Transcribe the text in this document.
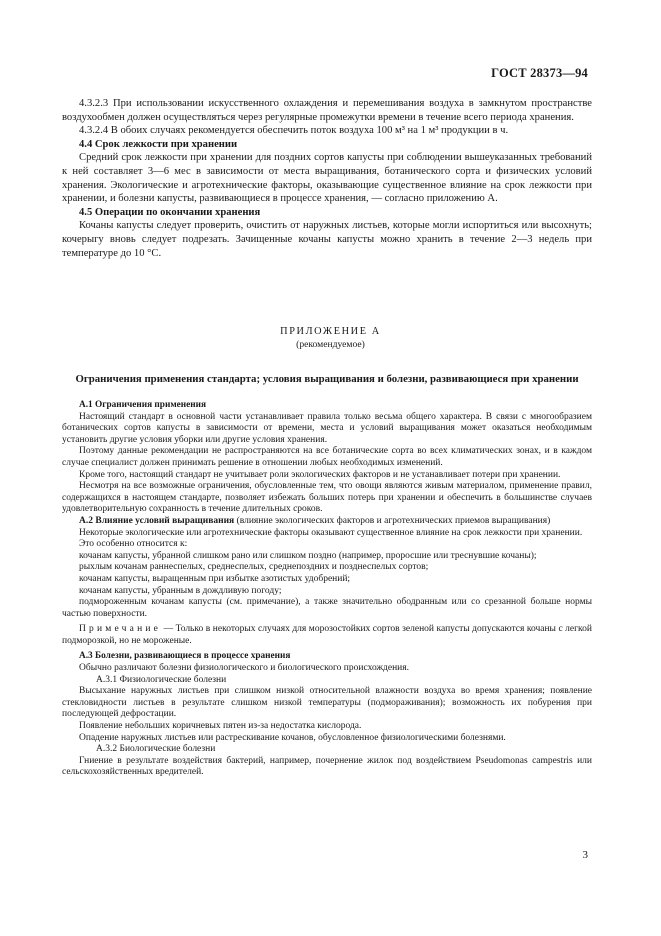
ГОСТ 28373—94

4.3.2.3 При использовании искусственного охлаждения и перемешивания воздуха в замкнутом пространстве воздухообмен должен осуществляться через регулярные промежутки времени в течение всего периода хранения.

4.3.2.4 В обоих случаях рекомендуется обеспечить поток воздуха 100 м³ на 1 м³ продукции в ч.

4.4 Срок лежкости при хранении

Средний срок лежкости при хранении для поздних сортов капусты при соблюдении вышеуказанных требований к ней составляет 3—6 мес в зависимости от места выращивания, ботанического сорта и физических условий хранения. Экологические и агротехнические факторы, оказывающие существенное влияние на срок лежкости при хранении, и болезни капусты, развивающиеся в процессе хранения, — согласно приложению А.

4.5 Операции по окончании хранения

Кочаны капусты следует проверить, очистить от наружных листьев, которые могли испортиться или высохнуть; кочерыгу вновь следует подрезать. Зачищенные кочаны капусты можно хранить в течение 2—3 недель при температуре до 10 °С.

ПРИЛОЖЕНИЕ А
(рекомендуемое)
Ограничения применения стандарта; условия выращивания и болезни, развивающиеся при хранении
А.1 Ограничения применения

Настоящий стандарт в основной части устанавливает правила только весьма общего характера. В связи с многообразием ботанических сортов капусты в зависимости от времени, места и условий выращивания может оказаться необходимым установить другие условия уборки или другие условия хранения.

Поэтому данные рекомендации не распространяются на все ботанические сорта во всех климатических зонах, и в каждом случае специалист должен принимать решение в отношении любых необходимых изменений.

Кроме того, настоящий стандарт не учитывает роли экологических факторов и не устанавливает потери при хранении.

Несмотря на все возможные ограничения, обусловленные тем, что овощи являются живым материалом, применение правил, содержащихся в настоящем стандарте, позволяет избежать больших потерь при хранении и обеспечить в большинстве случаев удовлетворительную сохранность в течение длительных сроков.

А.2 Влияние условий выращивания (влияние экологических факторов и агротехнических приемов выращивания)

Некоторые экологические или агротехнические факторы оказывают существенное влияние на срок лежкости при хранении.

Это особенно относится к:

кочанам капусты, убранной слишком рано или слишком поздно (например, проросшие или треснувшие кочаны);

рыхлым кочанам раннеспелых, среднеспелых, среднепоздних и позднеспелых сортов;

кочанам капусты, выращенным при избытке азотистых удобрений;

кочанам капусты, убранным в дождливую погоду;

подмороженным кочанам капусты (см. примечание), а также значительно ободранным или со срезанной больше нормы частью поверхности.

Примечание — Только в некоторых случаях для морозостойких сортов зеленой капусты допускаются кочаны с легкой подморозкой, но не мороженые.

А.3 Болезни, развивающиеся в процессе хранения

Обычно различают болезни физиологического и биологического происхождения.

А.3.1 Физиологические болезни

Высыхание наружных листьев при слишком низкой относительной влажности воздуха во время хранения; появление стекловидности листьев в результате слишком низкой температуры (подмораживания); возможность их побурения при последующей дефростации.

Появление небольших коричневых пятен из-за недостатка кислорода.

Опадение наружных листьев или растрескивание кочанов, обусловленное физиологическими болезнями.

А.3.2 Биологические болезни

Гниение в результате воздействия бактерий, например, почернение жилок под воздействием Pseudomonas campestris или сельскохозяйственных вредителей.

3
